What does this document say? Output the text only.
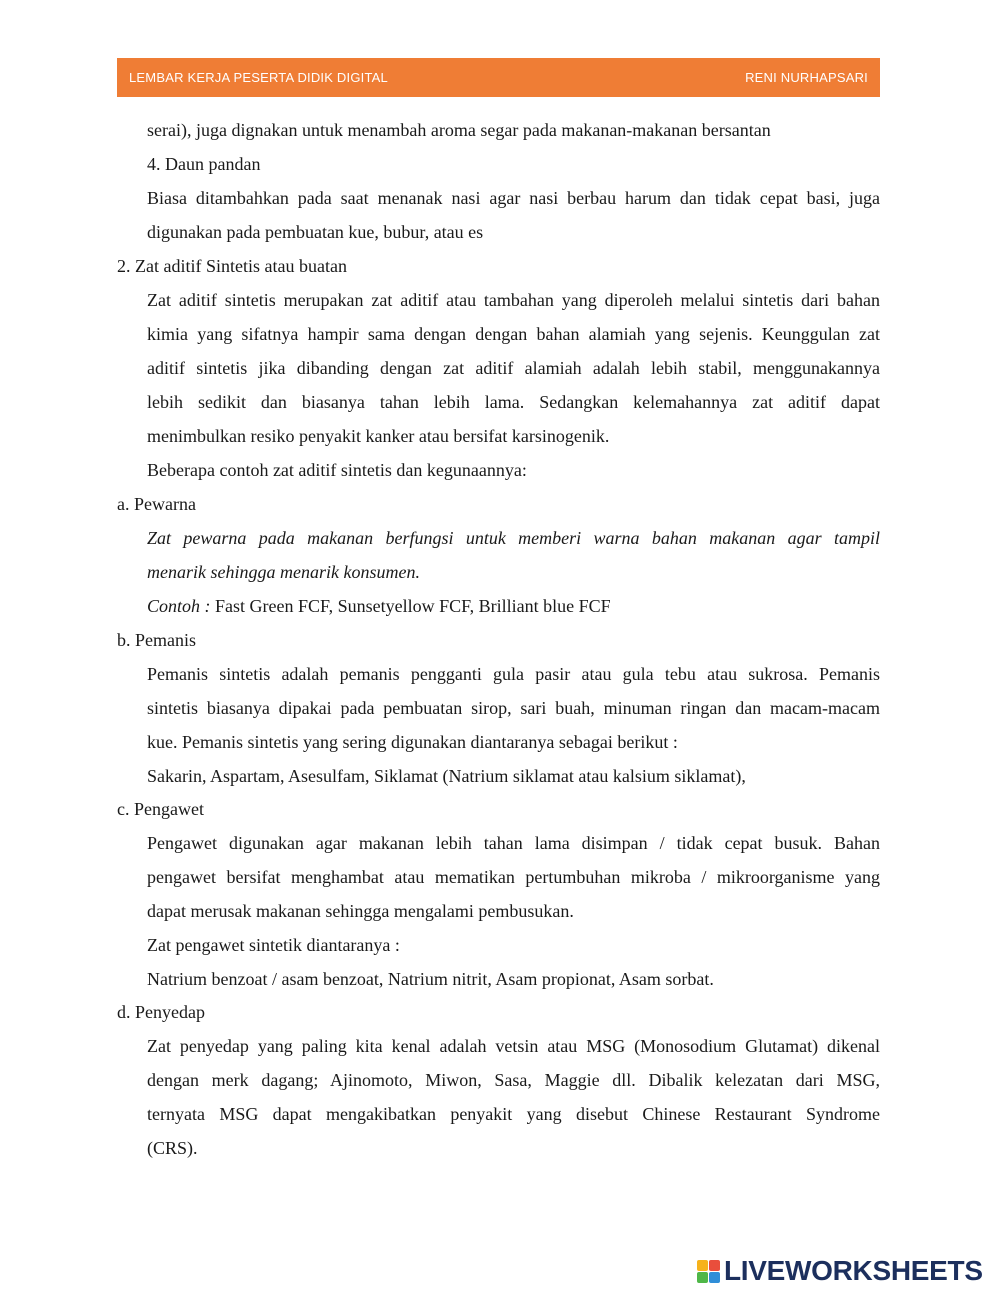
LEMBAR KERJA PESERTA DIDIK DIGITAL	RENI NURHAPSARI
serai), juga dignakan untuk menambah aroma segar pada makanan-makanan bersantan
4. Daun pandan
Biasa ditambahkan pada saat menanak nasi agar nasi berbau harum dan tidak cepat basi, juga
digunakan pada pembuatan kue, bubur, atau es
2. Zat aditif Sintetis atau buatan
Zat aditif sintetis merupakan zat aditif atau tambahan yang diperoleh melalui sintetis dari bahan
kimia yang sifatnya hampir sama dengan dengan bahan alamiah yang sejenis. Keunggulan zat
aditif sintetis jika dibanding dengan zat aditif alamiah adalah lebih stabil, menggunakannya
lebih sedikit dan biasanya tahan lebih lama. Sedangkan kelemahannya zat aditif dapat
menimbulkan resiko penyakit kanker atau bersifat karsinogenik.
Beberapa contoh zat aditif sintetis dan kegunaannya:
a. Pewarna
Zat pewarna pada makanan berfungsi untuk memberi warna bahan makanan agar tampil
menarik sehingga menarik konsumen.
Contoh : Fast Green FCF, Sunsetyellow FCF, Brilliant blue FCF
b. Pemanis
Pemanis sintetis adalah pemanis pengganti gula pasir atau gula tebu atau sukrosa. Pemanis
sintetis biasanya dipakai pada pembuatan sirop, sari buah, minuman ringan dan macam-macam
kue. Pemanis sintetis yang sering digunakan diantaranya sebagai berikut :
Sakarin, Aspartam, Asesulfam, Siklamat (Natrium siklamat atau kalsium siklamat),
c. Pengawet
Pengawet digunakan agar makanan lebih tahan lama disimpan / tidak cepat busuk. Bahan
pengawet bersifat menghambat atau mematikan pertumbuhan mikroba / mikroorganisme yang
dapat merusak makanan sehingga mengalami pembusukan.
Zat pengawet sintetik diantaranya :
Natrium benzoat / asam benzoat, Natrium nitrit, Asam propionat, Asam sorbat.
d. Penyedap
Zat penyedap yang paling kita kenal adalah vetsin atau MSG (Monosodium Glutamat) dikenal
dengan merk dagang; Ajinomoto, Miwon, Sasa, Maggie dll. Dibalik kelezatan dari MSG,
ternyata MSG dapat mengakibatkan penyakit yang disebut Chinese Restaurant Syndrome
(CRS).
LIVEWORKSHEETS
